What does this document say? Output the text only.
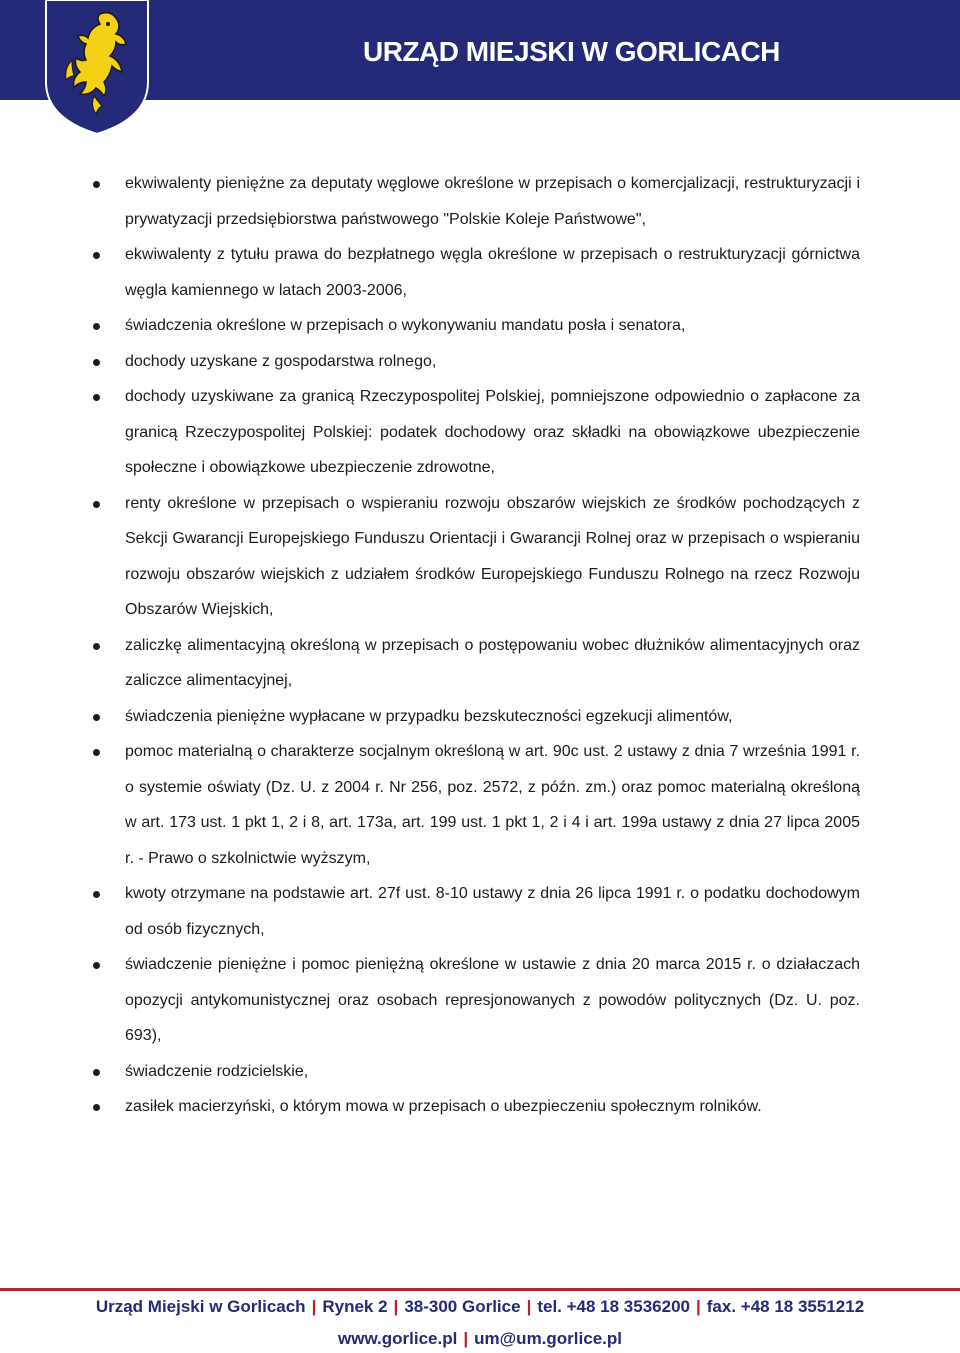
URZĄD MIEJSKI W GORLICACH
ekwiwalenty pieniężne za deputaty węglowe określone w przepisach o komercjalizacji, restrukturyzacji i prywatyzacji przedsiębiorstwa państwowego "Polskie Koleje Państwowe",
ekwiwalenty z tytułu prawa do bezpłatnego węgla określone w przepisach o restrukturyzacji górnictwa węgla kamiennego w latach 2003-2006,
świadczenia określone w przepisach o wykonywaniu mandatu posła i senatora,
dochody uzyskane z gospodarstwa rolnego,
dochody uzyskiwane za granicą Rzeczypospolitej Polskiej, pomniejszone odpowiednio o zapłacone za granicą Rzeczypospolitej Polskiej: podatek dochodowy oraz składki na obowiązkowe ubezpieczenie społeczne i obowiązkowe ubezpieczenie zdrowotne,
renty określone w przepisach o wspieraniu rozwoju obszarów wiejskich ze środków pochodzących z Sekcji Gwarancji Europejskiego Funduszu Orientacji i Gwarancji Rolnej oraz w przepisach o wspieraniu rozwoju obszarów wiejskich z udziałem środków Europejskiego Funduszu Rolnego na rzecz Rozwoju Obszarów Wiejskich,
zaliczkę alimentacyjną określoną w przepisach o postępowaniu wobec dłużników alimentacyjnych oraz zaliczce alimentacyjnej,
świadczenia pieniężne wypłacane w przypadku bezskuteczności egzekucji alimentów,
pomoc materialną o charakterze socjalnym określoną w art. 90c ust. 2 ustawy z dnia 7 września 1991 r. o systemie oświaty (Dz. U. z 2004 r. Nr 256, poz. 2572, z późn. zm.) oraz pomoc materialną określoną w art. 173 ust. 1 pkt 1, 2 i 8, art. 173a, art. 199 ust. 1 pkt 1, 2 i 4 i art. 199a ustawy z dnia 27 lipca 2005 r. - Prawo o szkolnictwie wyższym,
kwoty otrzymane na podstawie art. 27f ust. 8-10 ustawy z dnia 26 lipca 1991 r. o podatku dochodowym od osób fizycznych,
świadczenie pieniężne i pomoc pieniężną określone w ustawie z dnia 20 marca 2015 r. o działaczach opozycji antykomunistycznej oraz osobach represjonowanych z powodów politycznych (Dz. U. poz. 693),
świadczenie rodzicielskie,
zasiłek macierzyński, o którym mowa w przepisach o ubezpieczeniu społecznym rolników.
Urząd Miejski w Gorlicach | Rynek 2 | 38-300 Gorlice | tel. +48 18 3536200 | fax. +48 18 3551212
www.gorlice.pl | um@um.gorlice.pl
